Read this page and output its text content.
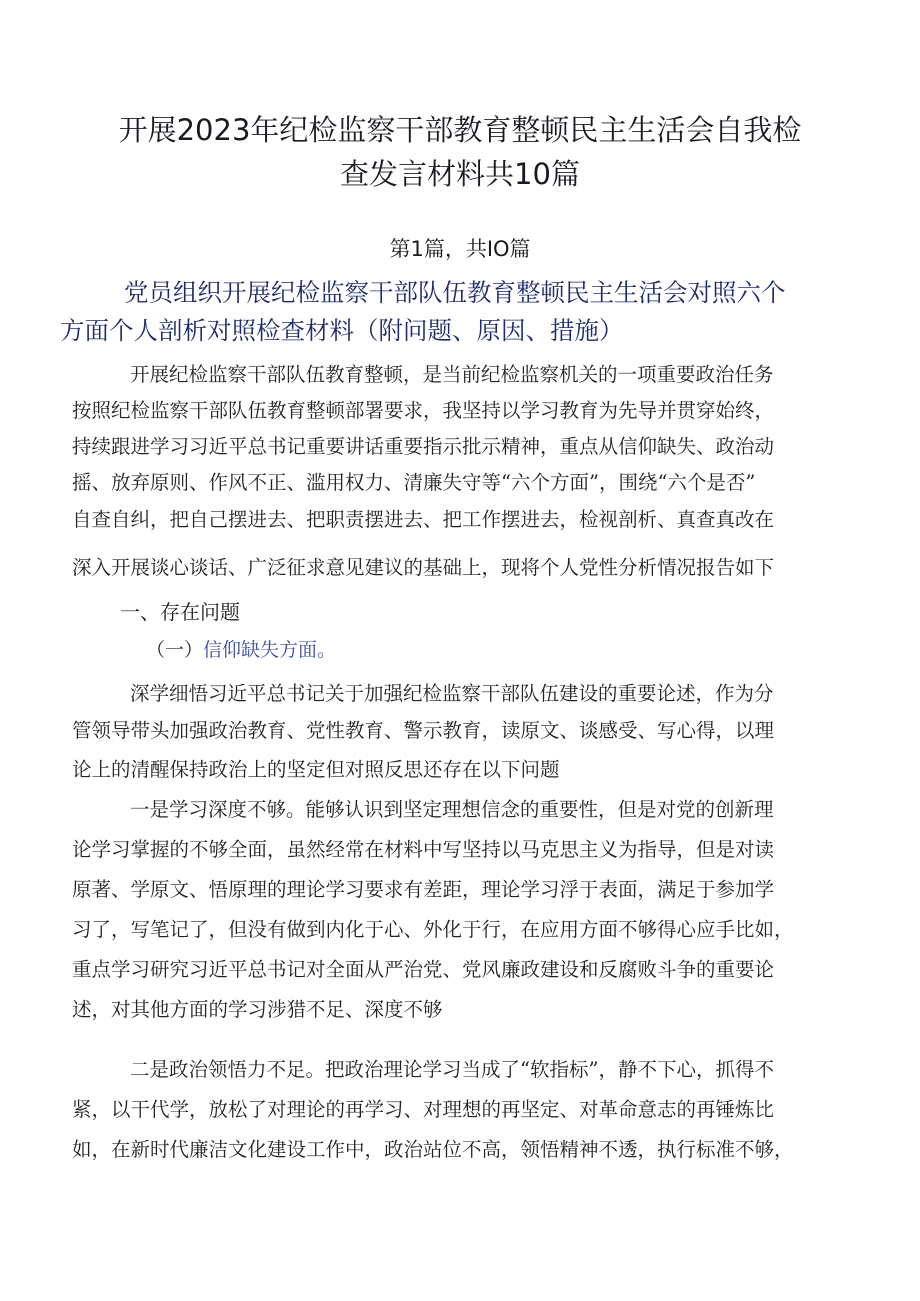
开展2023年纪检监察干部教育整顿民主生活会自我检
查发言材料共10篇
第1篇，共IO篇
党员组织开展纪检监察干部队伍教育整顿民主生活会对照六个
方面个人剖析对照检查材料（附问题、原因、措施）
开展纪检监察干部队伍教育整顿，是当前纪检监察机关的一项重要政治任务
按照纪检监察干部队伍教育整顿部署要求，我坚持以学习教育为先导并贯穿始终，
持续跟进学习习近平总书记重要讲话重要指示批示精神，重点从信仰缺失、政治动
摇、放弃原则、作风不正、滥用权力、清廉失守等“六个方面”，围绕“六个是否”
自查自纠，把自己摆进去、把职责摆进去、把工作摆进去，检视剖析、真查真改在
深入开展谈心谈话、广泛征求意见建议的基础上，现将个人党性分析情况报告如下
一、存在问题
（一）信仰缺失方面。
深学细悟习近平总书记关于加强纪检监察干部队伍建设的重要论述，作为分
管领导带头加强政治教育、党性教育、警示教育，读原文、谈感受、写心得，以理
论上的清醒保持政治上的坚定但对照反思还存在以下问题
一是学习深度不够。能够认识到坚定理想信念的重要性，但是对党的创新理
论学习掌握的不够全面，虽然经常在材料中写坚持以马克思主义为指导，但是对读
原著、学原文、悟原理的理论学习要求有差距，理论学习浮于表面，满足于参加学
习了，写笔记了，但没有做到内化于心、外化于行，在应用方面不够得心应手比如，
重点学习研究习近平总书记对全面从严治党、党风廉政建设和反腐败斗争的重要论
述，对其他方面的学习涉猎不足、深度不够
二是政治领悟力不足。把政治理论学习当成了“软指标”，静不下心，抓得不
紧，以干代学，放松了对理论的再学习、对理想的再坚定、对革命意志的再锤炼比
如，在新时代廉洁文化建设工作中，政治站位不高，领悟精神不透，执行标准不够，
